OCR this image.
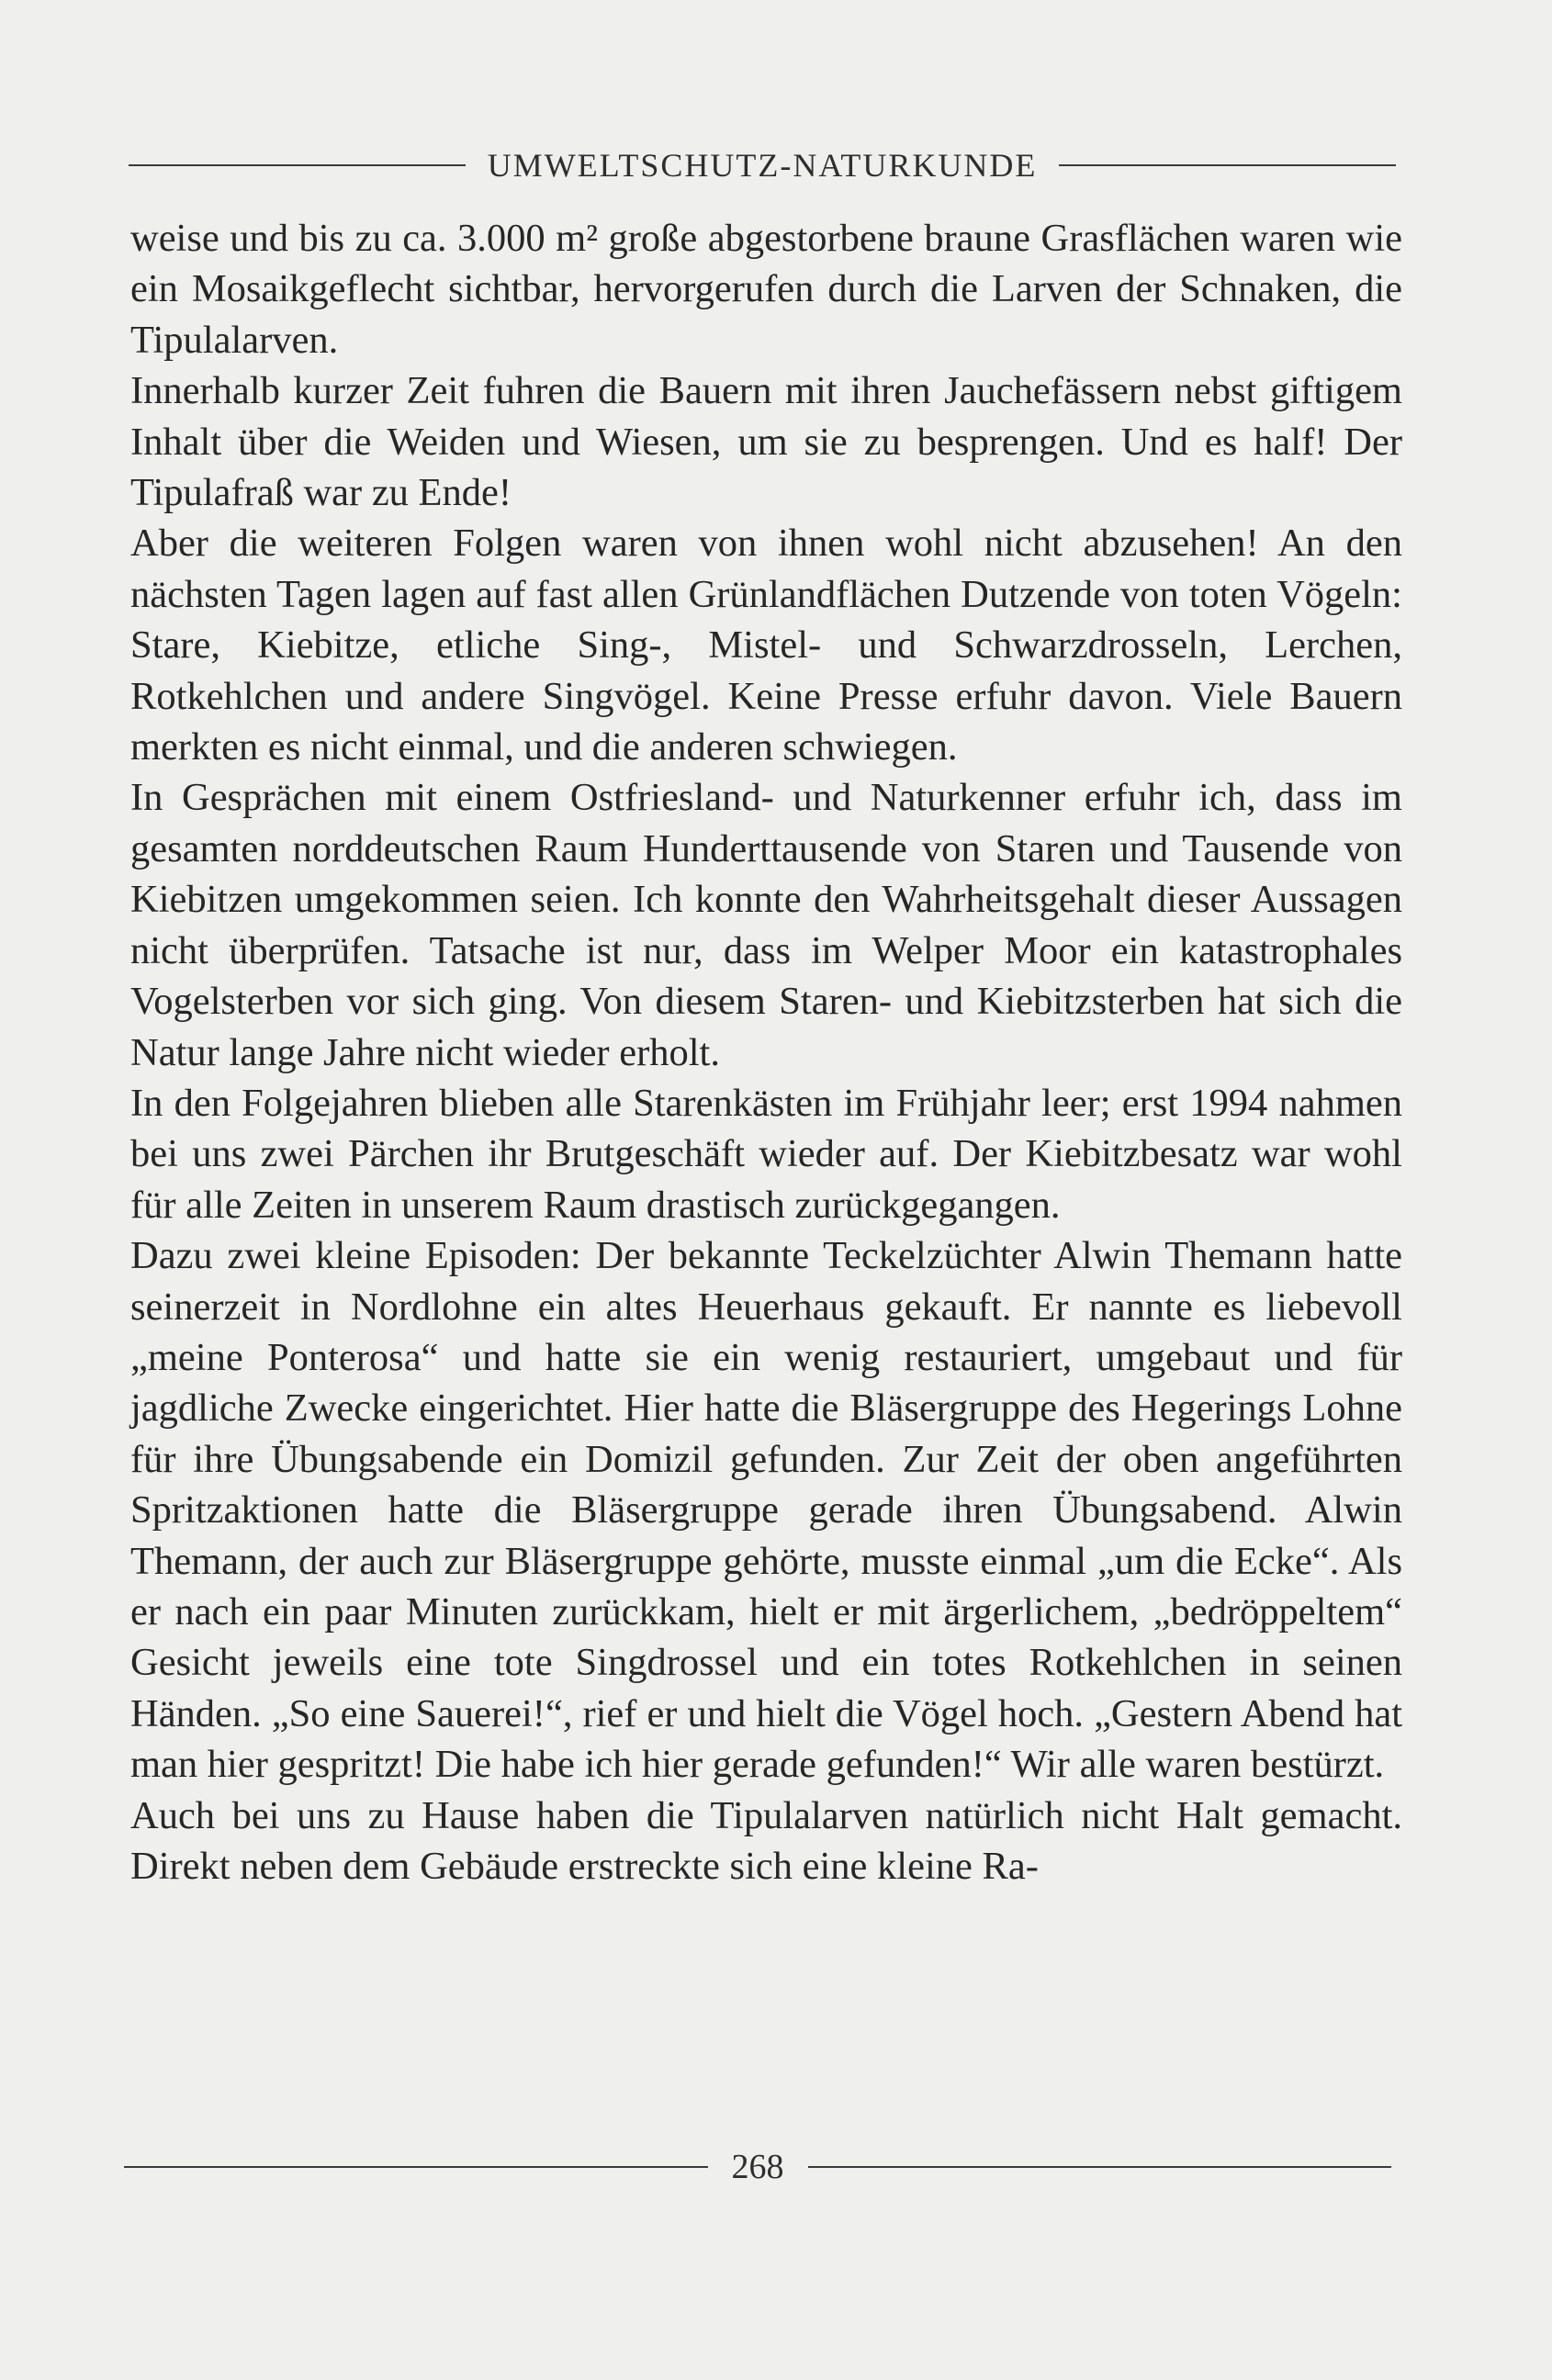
UMWELTSCHUTZ-NATURKUNDE

weise und bis zu ca. 3.000 m² große abgestorbene braune Grasflächen waren wie ein Mosaikgeflecht sichtbar, hervorgerufen durch die Larven der Schnaken, die Tipulalarven.

Innerhalb kurzer Zeit fuhren die Bauern mit ihren Jauchefässern nebst giftigem Inhalt über die Weiden und Wiesen, um sie zu besprengen. Und es half! Der Tipulafraß war zu Ende!

Aber die weiteren Folgen waren von ihnen wohl nicht abzusehen! An den nächsten Tagen lagen auf fast allen Grünlandflächen Dutzende von toten Vögeln: Stare, Kiebitze, etliche Sing-, Mistel- und Schwarzdrosseln, Lerchen, Rotkehlchen und andere Singvögel. Keine Presse erfuhr davon. Viele Bauern merkten es nicht einmal, und die anderen schwiegen.

In Gesprächen mit einem Ostfriesland- und Naturkenner erfuhr ich, dass im gesamten norddeutschen Raum Hunderttausende von Staren und Tausende von Kiebitzen umgekommen seien. Ich konnte den Wahrheitsgehalt dieser Aussagen nicht überprüfen. Tatsache ist nur, dass im Welper Moor ein katastrophales Vogelsterben vor sich ging. Von diesem Staren- und Kiebitzsterben hat sich die Natur lange Jahre nicht wieder erholt.

In den Folgejahren blieben alle Starenkästen im Frühjahr leer; erst 1994 nahmen bei uns zwei Pärchen ihr Brutgeschäft wieder auf. Der Kiebitzbesatz war wohl für alle Zeiten in unserem Raum drastisch zurückgegangen.

Dazu zwei kleine Episoden: Der bekannte Teckelzüchter Alwin Themann hatte seinerzeit in Nordlohne ein altes Heuerhaus gekauft. Er nannte es liebevoll „meine Ponterosa“ und hatte sie ein wenig restauriert, umgebaut und für jagdliche Zwecke eingerichtet. Hier hatte die Bläsergruppe des Hegerings Lohne für ihre Übungsabende ein Domizil gefunden. Zur Zeit der oben angeführten Spritzaktionen hatte die Bläsergruppe gerade ihren Übungsabend. Alwin Themann, der auch zur Bläsergruppe gehörte, musste einmal „um die Ecke“. Als er nach ein paar Minuten zurückkam, hielt er mit ärgerlichem, „bedröppeltem“ Gesicht jeweils eine tote Singdrossel und ein totes Rotkehlchen in seinen Händen. „So eine Sauerei!“, rief er und hielt die Vögel hoch. „Gestern Abend hat man hier gespritzt! Die habe ich hier gerade gefunden!“ Wir alle waren bestürzt.

Auch bei uns zu Hause haben die Tipulalarven natürlich nicht Halt gemacht. Direkt neben dem Gebäude erstreckte sich eine kleine Ra-

268
